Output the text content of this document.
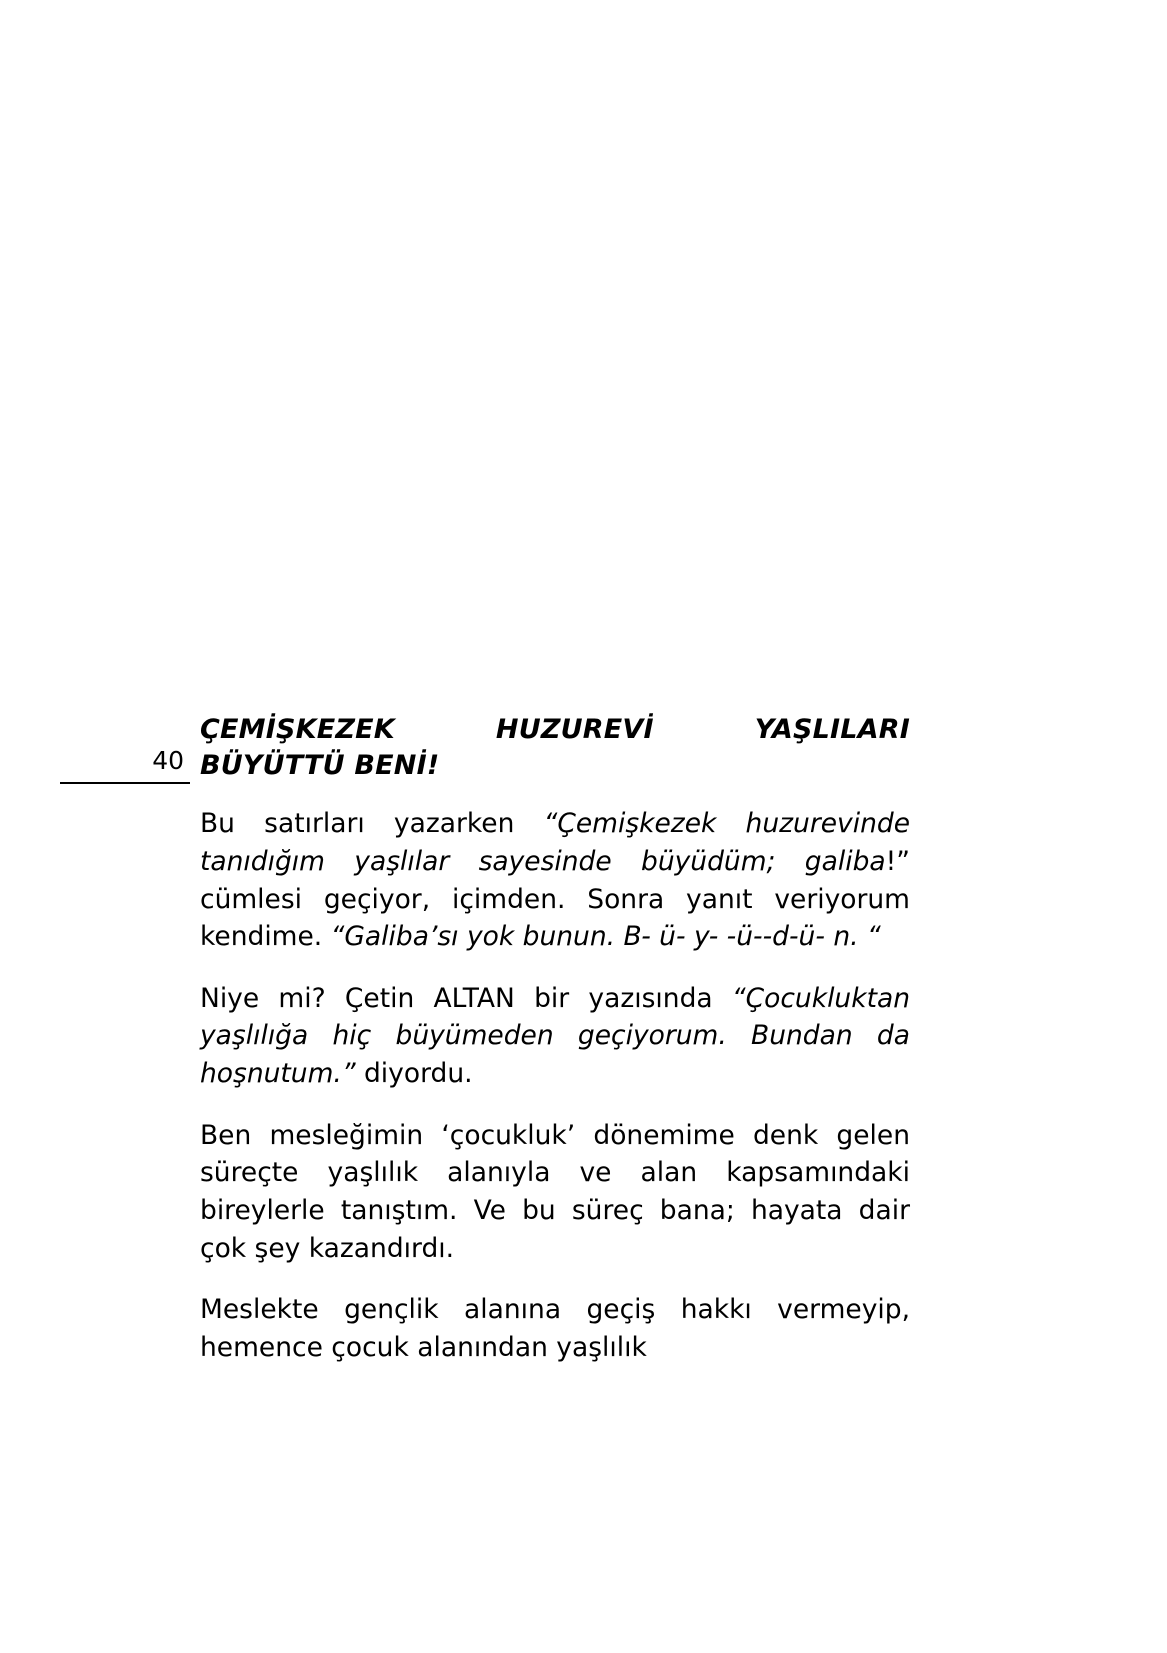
40
ÇEMİŞKEZEK HUZUREVİ YAŞLILARI
BÜYÜTTÜ BENİ!

Bu satırları yazarken “Çemişkezek huzurevinde tanıdığım yaşlılar sayesinde büyüdüm; galiba!” cümlesi geçiyor, içimden. Sonra yanıt veriyorum kendime. “Galiba’sı yok bunun. B- ü- y- -ü--d-ü- n. “

Niye mi? Çetin ALTAN bir yazısında “Çocukluktan yaşlılığa hiç büyümeden geçiyorum. Bundan da hoşnutum.” diyordu.

Ben mesleğimin ‘çocukluk’ dönemime denk gelen süreçte yaşlılık alanıyla ve alan kapsamındaki bireylerle tanıştım. Ve bu süreç bana; hayata dair çok şey kazandırdı.

Meslekte gençlik alanına geçiş hakkı vermeyip, hemence çocuk alanından yaşlılık
